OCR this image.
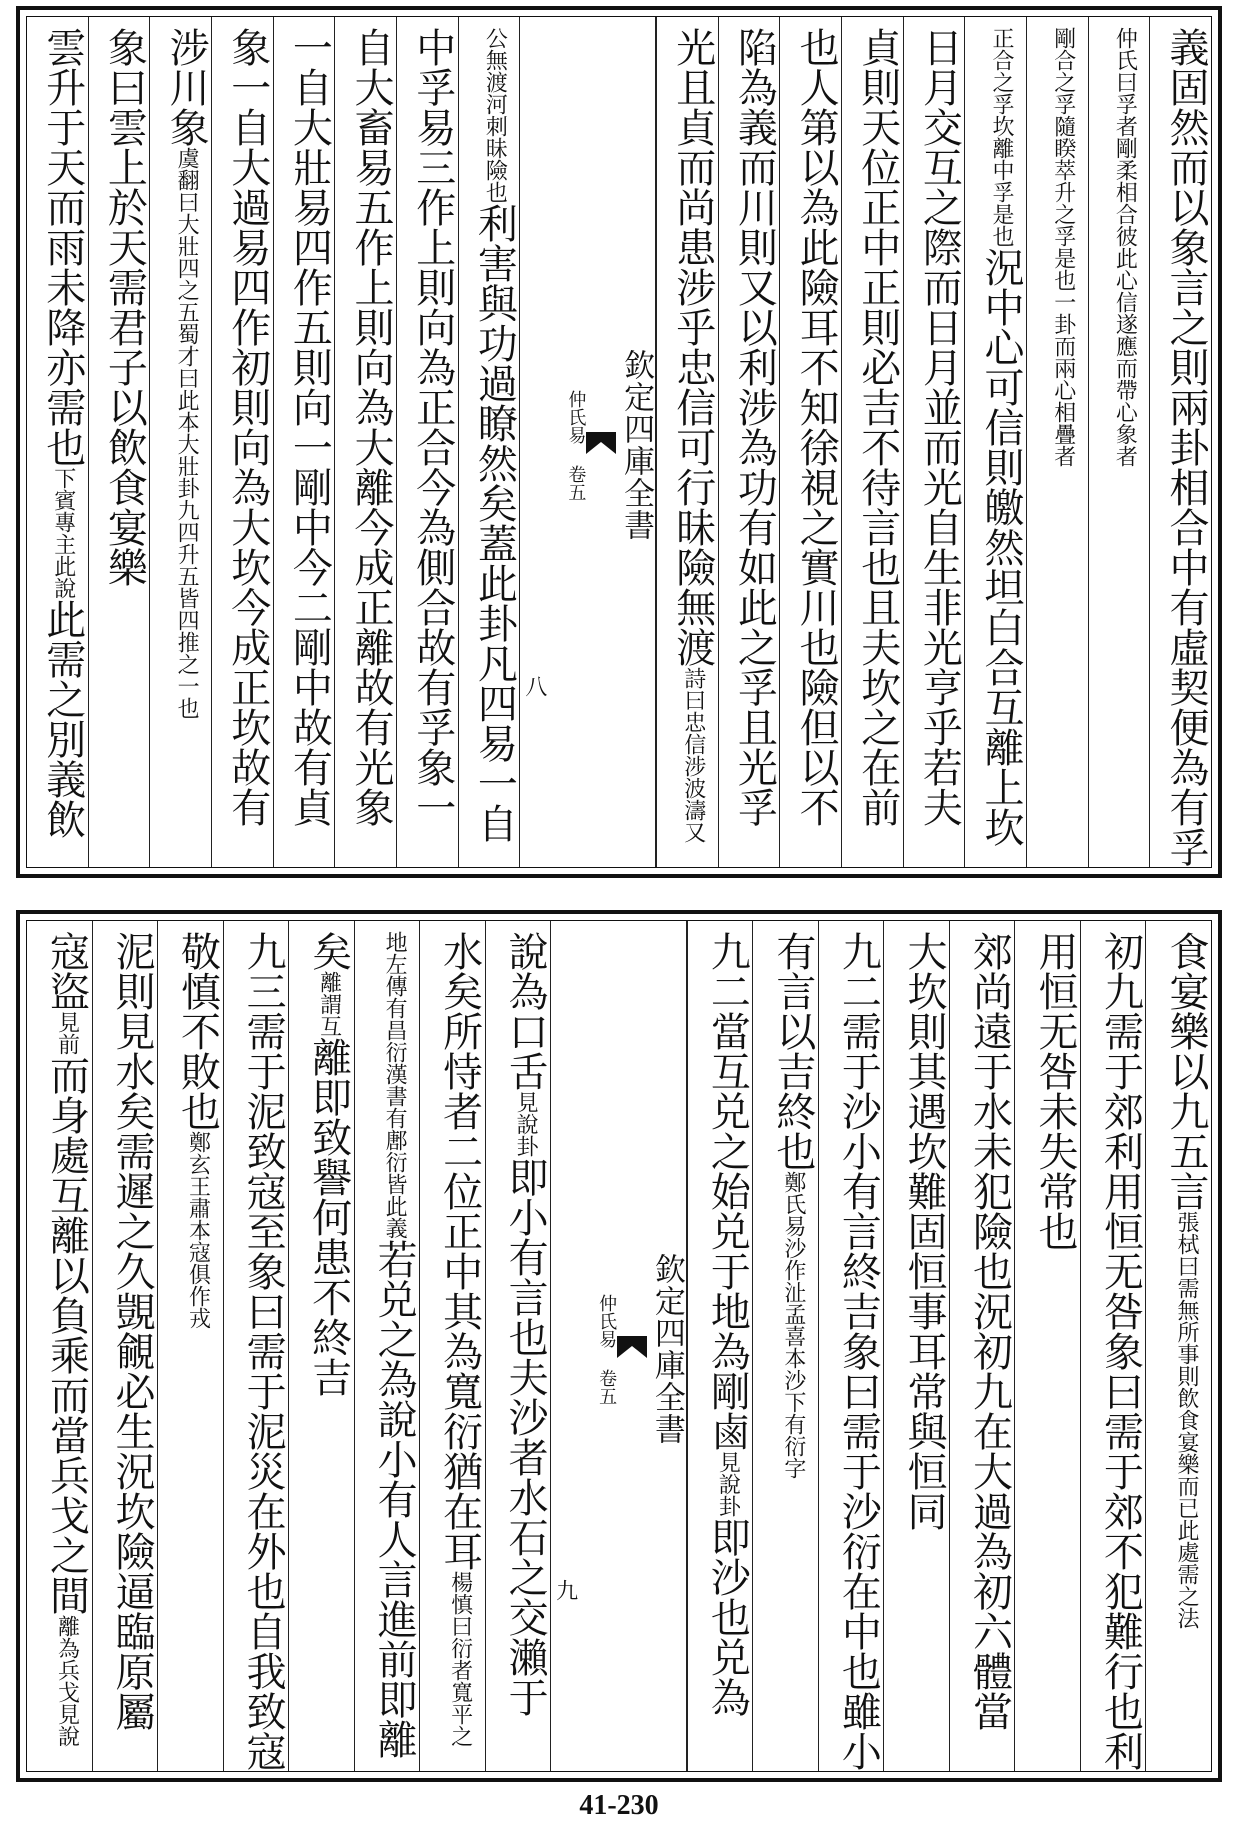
義固然而以象言之則兩卦相合中有虛契便為有孚
仲氏曰孚者剛柔相合彼此心信遂應而帶心象者
剛合之孚隨睽萃升之孚是也一卦而兩心相疊者
正合之孚坎離中孚是也況中心可信則皦然坦白合互離上坎
日月交互之際而日月並而光自生非光亨乎若夫
貞則天位正中正則必吉不待言也且夫坎之在前
也人第以為此險耳不知徐視之實川也險但以不
陷為義而川則又以利涉為功有如此之孚且光孚
光且貞而尚患涉乎忠信可行昧險無渡詩曰忠信涉波濤又
欽定四庫全書
仲氏易 卷五
八
公無渡河刺昧險也利害與功過瞭然矣蓋此卦凡四易一自
中孚易三作上則向為正合今為側合故有孚象一
自大畜易五作上則向為大離今成正離故有光象
一自大壯易四作五則向一剛中今二剛中故有貞
象一自大過易四作初則向為大坎今成正坎故有
涉川象虞翻曰大壯四之五蜀才曰此本大壯卦九四升五皆四推之一也
象曰雲上於天需君子以飲食宴樂
雲升于天而雨未降亦需也下賓專主此說此需之別義飲
食宴樂以九五言張栻曰需無所事則飲食宴樂而已此處需之法
初九需于郊利用恒无咎象曰需于郊不犯難行也利
用恒无咎未失常也
郊尚遠于水未犯險也況初九在大過為初六體當
大坎則其遇坎難固恒事耳常與恒同
九二需于沙小有言終吉象曰需于沙衍在中也雖小
有言以吉終也鄭氏易沙作沚孟喜本沙下有衍字
九二當互兑之始兑于地為剛鹵見說卦即沙也兑為
欽定四庫全書
仲氏易 卷五
九
說為口舌見說卦即小有言也夫沙者水石之交瀨于
水矣所恃者二位正中其為寬衍猶在耳楊慎曰衍者寬平之
地左傳有昌衍漢書有鄌衍皆此義若兑之為說小有人言進前即離
矣離謂互離即致譽何患不終吉
九三需于泥致寇至象曰需于泥災在外也自我致寇
敬慎不敗也鄭玄王肅本寇俱作戎
泥則見水矣需遲之久覬覦必生況坎險逼臨原屬
寇盜見前而身處互離以負乘而當兵戈之間離為兵戈見說
41-230
